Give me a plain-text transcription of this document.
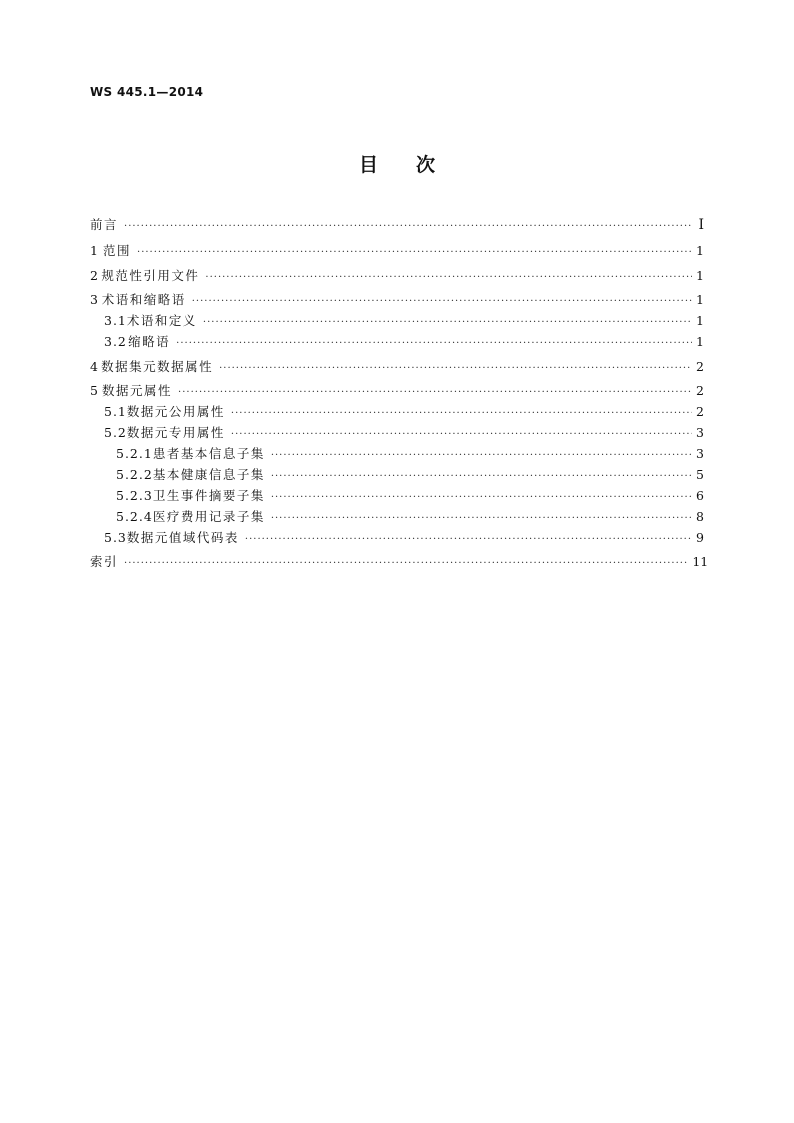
WS 445.1—2014
目 次
前言 ·····	Ⅰ
1 范围 ·····	1
2 规范性引用文件 ·····	1
3 术语和缩略语 ·····	1
3.1 术语和定义 ·····	1
3.2 缩略语 ·····	1
4 数据集元数据属性 ·····	2
5 数据元属性 ·····	2
5.1 数据元公用属性 ·····	2
5.2 数据元专用属性 ·····	3
5.2.1 患者基本信息子集 ·····	3
5.2.2 基本健康信息子集 ·····	5
5.2.3 卫生事件摘要子集 ·····	6
5.2.4 医疗费用记录子集 ·····	8
5.3 数据元值域代码表 ·····	9
索引 ·····	11
